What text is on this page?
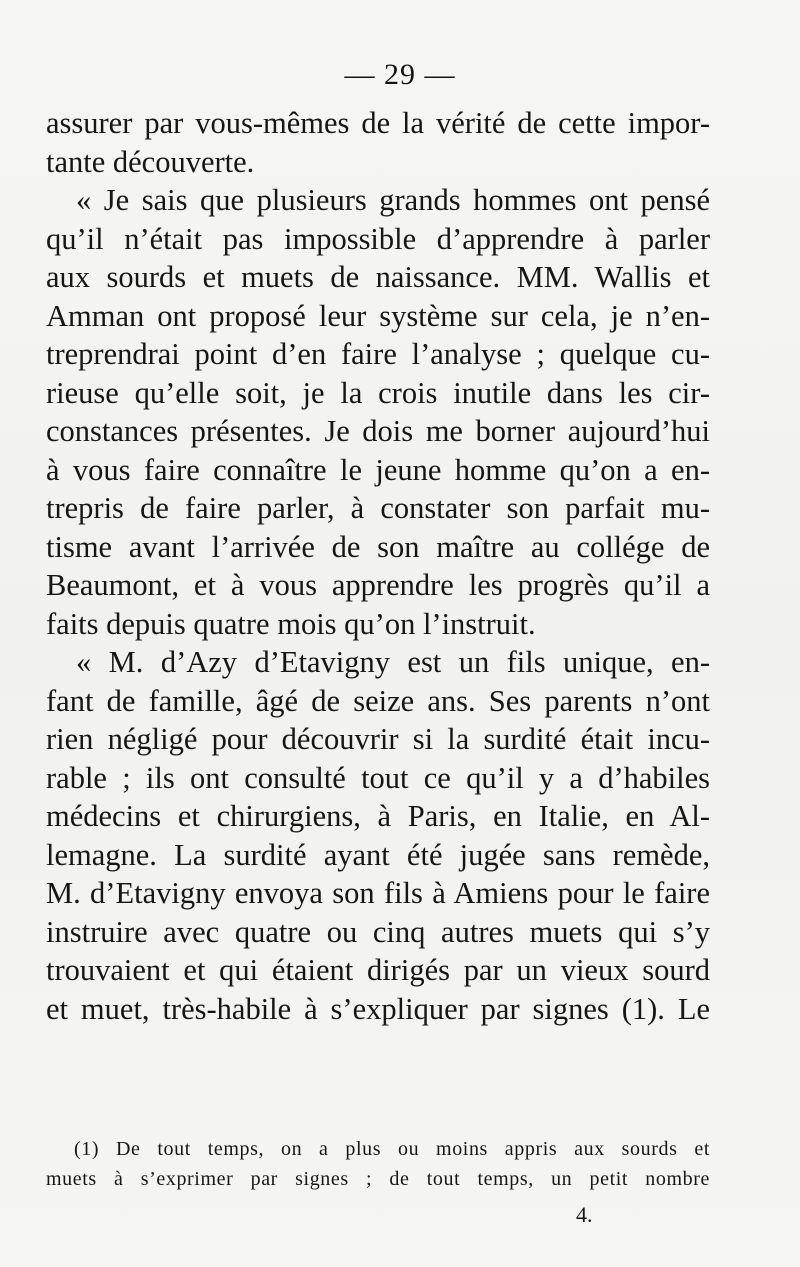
— 29 —
assurer par vous-mêmes de la vérité de cette impor-
tante découverte.
« Je sais que plusieurs grands hommes ont pensé
qu’il n’était pas impossible d’apprendre à parler
aux sourds et muets de naissance. MM. Wallis et
Amman ont proposé leur système sur cela, je n’en-
treprendrai point d’en faire l’analyse ; quelque cu-
rieuse qu’elle soit, je la crois inutile dans les cir-
constances présentes. Je dois me borner aujourd’hui
à vous faire connaître le jeune homme qu’on a en-
trepris de faire parler, à constater son parfait mu-
tisme avant l’arrivée de son maître au collége de
Beaumont, et à vous apprendre les progrès qu’il a
faits depuis quatre mois qu’on l’instruit.
« M. d’Azy d’Etavigny est un fils unique, en-
fant de famille, âgé de seize ans. Ses parents n’ont
rien négligé pour découvrir si la surdité était incu-
rable ; ils ont consulté tout ce qu’il y a d’habiles
médecins et chirurgiens, à Paris, en Italie, en Al-
lemagne. La surdité ayant été jugée sans remède,
M. d’Etavigny envoya son fils à Amiens pour le faire
instruire avec quatre ou cinq autres muets qui s’y
trouvaient et qui étaient dirigés par un vieux sourd
et muet, très-habile à s’expliquer par signes (1). Le
(1) De tout temps, on a plus ou moins appris aux sourds et
muets à s’exprimer par signes ; de tout temps, un petit nombre
4.
